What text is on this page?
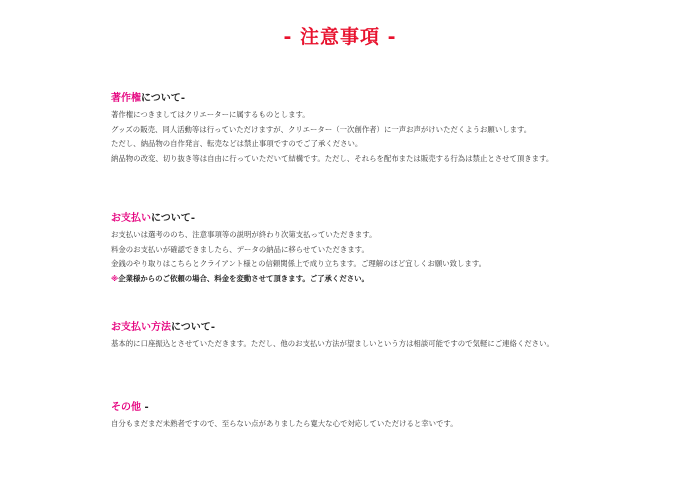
- 注意事項 -
著作権について-

著作権につきましてはクリエーターに属するものとします。

グッズの販売、同人活動等は行っていただけますが、クリエーター（一次創作者）に一声お声がけいただくようお願いします。

ただし、納品物の自作発言、転売などは禁止事項ですのでご了承ください。

納品物の改変、切り抜き等は自由に行っていただいて結構です。ただし、それらを配布または販売する行為は禁止とさせて頂きます。

お支払いについて-

お支払いは選考ののち、注意事項等の説明が終わり次第支払っていただきます。

料金のお支払いが確認できましたら、データの納品に移らせていただきます。

金銭のやり取りはこちらとクライアント様との信頼関係上で成り立ちます。ご理解のほど宜しくお願い致します。

※企業様からのご依頼の場合、料金を変動させて頂きます。ご了承ください。

お支払い方法について-

基本的に口座振込とさせていただきます。ただし、他のお支払い方法が望ましいという方は相談可能ですので気軽にご連絡ください。

その他 -

自分もまだまだ未熟者ですので、至らない点がありましたら寛大な心で対応していただけると幸いです。
